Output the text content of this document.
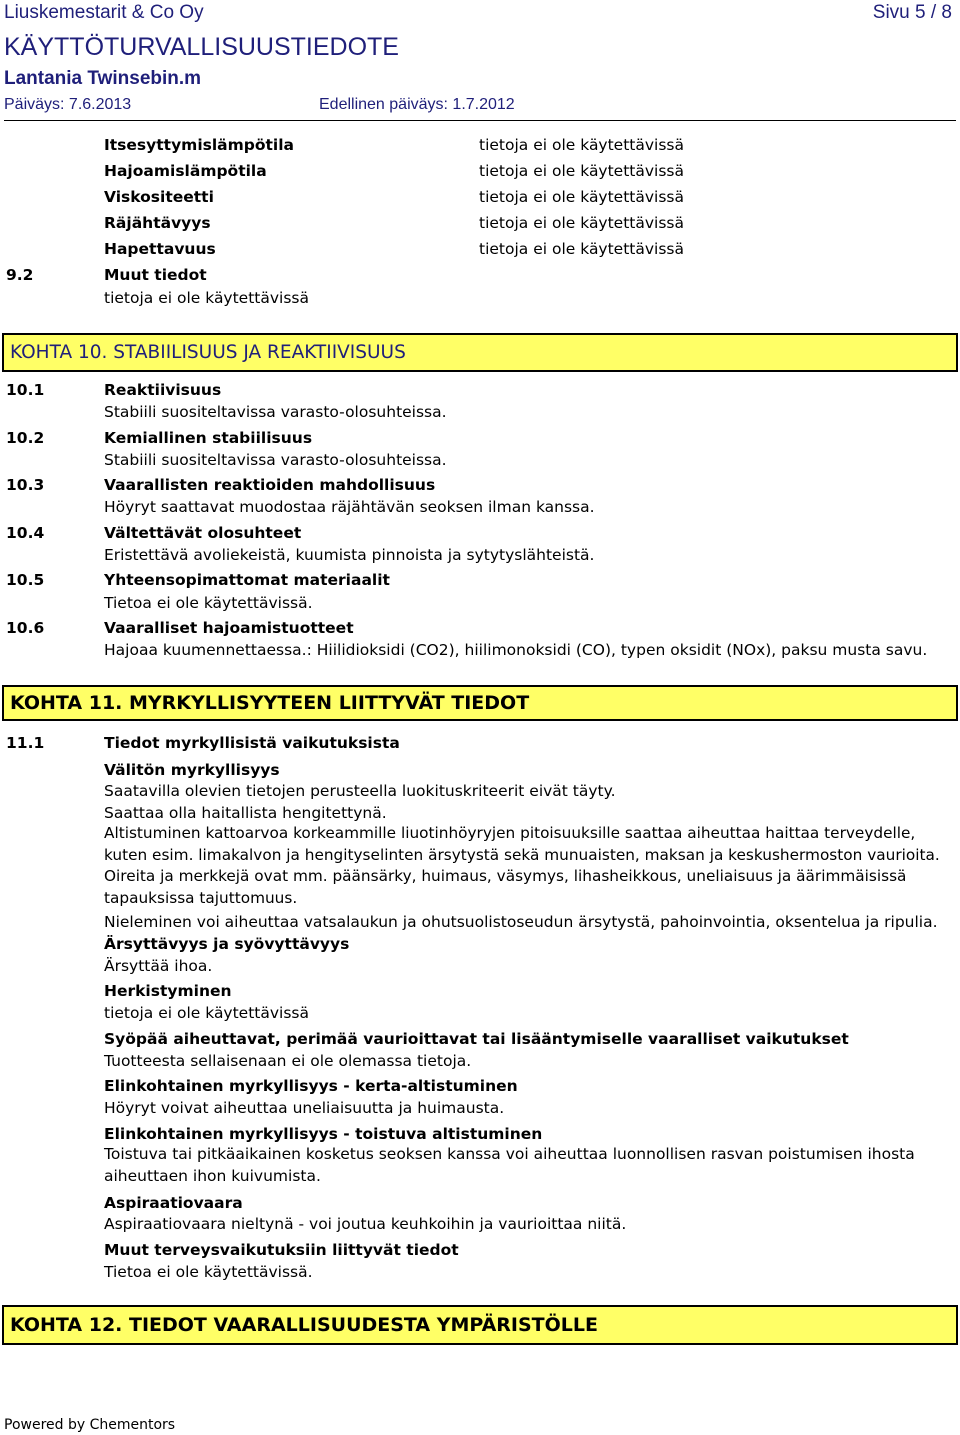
Liuskemestarit & Co Oy	Sivu 5 / 8
KÄYTTÖTURVALLISUUSTIEDOTE
Lantania Twinsebin.m
Päiväys: 7.6.2013	Edellinen päiväys: 1.7.2012
Itsesyttymislämpötila	tietoja ei ole käytettävissä
Hajoamislämpötila	tietoja ei ole käytettävissä
Viskositeetti	tietoja ei ole käytettävissä
Räjähtävyys	tietoja ei ole käytettävissä
Hapettavuus	tietoja ei ole käytettävissä
9.2	Muut tiedot
tietoja ei ole käytettävissä
KOHTA 10. STABIILISUUS JA REAKTIIVISUUS
10.1	Reaktiivisuus
Stabiili suositeltavissa varasto-olosuhteissa.
10.2	Kemiallinen stabiilisuus
Stabiili suositeltavissa varasto-olosuhteissa.
10.3	Vaarallisten reaktioiden mahdollisuus
Höyryt saattavat muodostaa räjähtävän seoksen ilman kanssa.
10.4	Vältettävät olosuhteet
Eristettävä avoliekeistä, kuumista pinnoista ja sytytyslähteistä.
10.5	Yhteensopimattomat materiaalit
Tietoa ei ole käytettävissä.
10.6	Vaaralliset hajoamistuotteet
Hajoaa kuumennettaessa.: Hiilidioksidi (CO2), hiilimonoksidi (CO), typen oksidit (NOx), paksu musta savu.
KOHTA 11. MYRKYLLISYYTEEN LIITTYVÄT TIEDOT
11.1	Tiedot myrkyllisistä vaikutuksista
Välitön myrkyllisyys
Saatavilla olevien tietojen perusteella luokituskriteerit eivät täyty.
Saattaa olla haitallista hengitettynä.
Altistuminen kattoarvoa korkeammille liuotinhöyryjen pitoisuuksille saattaa aiheuttaa haittaa terveydelle, kuten esim. limakalvon ja hengityselinten ärsytystä sekä munuaisten, maksan ja keskushermoston vaurioita. Oireita ja merkkejä ovat mm. päänsärky, huimaus, väsymys, lihasheikkous, uneliaisuus ja äärimmäisissä tapauksissa tajuttomuus.
Nieleminen voi aiheuttaa vatsalaukun ja ohutsuolistoseudun ärsytystä, pahoinvointia, oksentelua ja ripulia.
Ärsyttävyys ja syövyttävyys
Ärsyttää ihoa.
Herkistyminen
tietoja ei ole käytettävissä
Syöpää aiheuttavat, perimää vaurioittavat tai lisääntymiselle vaaralliset vaikutukset
Tuotteesta sellaisenaan ei ole olemassa tietoja.
Elinkohtainen myrkyllisyys - kerta-altistuminen
Höyryt voivat aiheuttaa uneliaisuutta ja huimausta.
Elinkohtainen myrkyllisyys - toistuva altistuminen
Toistuva tai pitkäaikainen kosketus seoksen kanssa voi aiheuttaa luonnollisen rasvan poistumisen ihosta aiheuttaen ihon kuivumista.
Aspiraatiovaara
Aspiraatiovaara nieltynä - voi joutua keuhkoihin ja vaurioittaa niitä.
Muut terveysvaikutuksiin liittyvät tiedot
Tietoa ei ole käytettävissä.
KOHTA 12. TIEDOT VAARALLISUUDESTA YMPÄRISTÖLLE
Powered by Chementors
